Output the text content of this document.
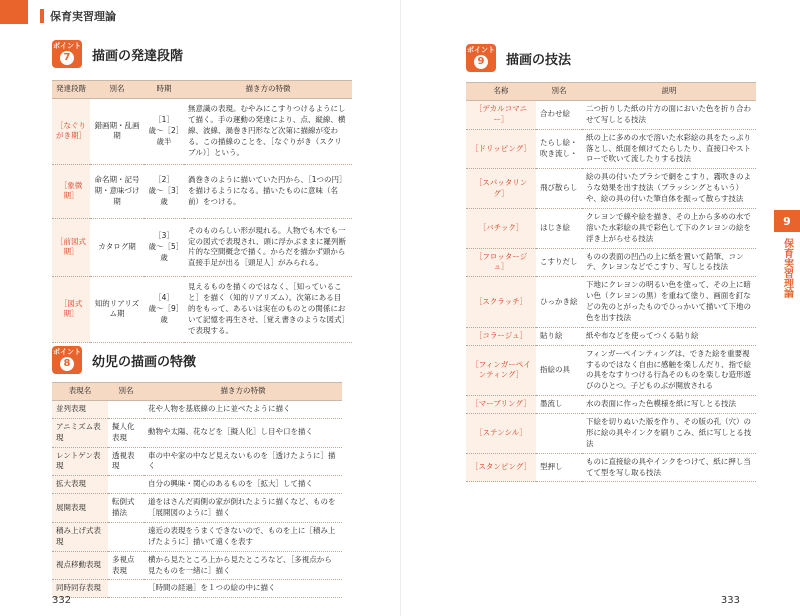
保育実習理論
ポイント
7 描画の発達段階
発達段階	別名	時期	描き方の特徴
［なぐりがき期］	錯画期・乱画期	［1］歳〜［2］歳半	無意識の表現。むやみにこすりつけるようにして描く。手の運動の発達により、点、縦線、横線、波線、渦巻き円形など次第に描線が変わる。この描線のことを、［なぐりがき（スクリブル）］という。
［象徴期］	命名期・記号期・意味づけ期	［2］歳〜［3］歳	渦巻きのように描いていた円から、［1つの円］を描けるようになる。描いたものに意味（名前）をつける。
［前図式期］	カタログ期	［3］歳〜［5］歳	そのものらしい形が現れる。人物でも木でも一定の図式で表現され、頭に浮かぶままに羅列断片的な空間概念で描く。からだを描かず頭から直接手足が出る［頭足人］がみられる。
［図式期］	知的リアリズム期	［4］歳〜［9］歳	見えるものを描くのではなく、［知っていること］を描く（知的リアリズム）。次第にある目的をもって、あるいは実在のものとの関係において記憶を再生させ、［覚え書きのような図式］で表現する。
ポイント
8 幼児の描画の特徴
表現名	別名	描き方の特徴
並列表現		花や人物を基底線の上に並べたように描く
アニミズム表現	擬人化表現	動物や太陽、花などを［擬人化］し目や口を描く
レントゲン表現	透視表現	車の中や家の中など見えないものを［透けたように］描く
拡大表現		自分の興味・関心のあるものを［拡大］して描く
展開表現	転倒式描法	道をはさんだ両側の家が倒れたように描くなど、ものを［展開図のように］描く
積み上げ式表現		遠近の表現をうまくできないので、ものを上に［積み上げたように］描いて遠くを表す
視点移動表現	多視点表現	横から見たところ上から見たところなど、［多視点から見たものを一緒に］描く
同時同存表現		［時間の経過］を１つの絵の中に描く
332
ポイント
9 描画の技法
名称	別名	説明
［デカルコマニー］	合わせ絵	二つ折りした紙の片方の面においた色を折り合わせて写しとる技法
［ドリッピング］	たらし絵・吹き流し・	紙の上に多めの水で溶いた水彩絵の具をたっぷり落とし、紙面を傾けてたらしたり、直接口やストローで吹いて流したりする技法
［スパッタリング］	飛び散らし	絵の具の付いたブラシで網をこすり、霧吹きのような効果を出す技法（ブラッシングともいう）や、絵の具の付いた筆自体を振って散らす技法
［バチック］	はじき絵	クレヨンで線や絵を描き、その上から多めの水で溶いた水彩絵の具で彩色して下のクレヨンの絵を浮き上がらせる技法
［フロッタージュ］	こすりだし	ものの表面の凹凸の上に紙を置いて鉛筆、コンテ、クレヨンなどでこすり、写しとる技法
［スクラッチ］	ひっかき絵	下地にクレヨンの明るい色を塗って、その上に暗い色（クレヨンの黒）を重ねて塗り、画面を釘などの先のとがったものでひっかいて描いて下地の色を出す技法
［コラージュ］	貼り絵	紙や布などを使ってつくる貼り絵
［フィンガーペインティング］	指絵の具	フィンガーペインティングは、できた絵を重要視するのではなく自由に感触を楽しんだり、指で絵の具をなすりつける行為そのものを楽しむ造形遊びのひとつ。子どものぶが開放される
［マーブリング］	墨流し	水の表面に作った色模様を紙に写しとる技法
［ステンシル］		下絵を切りぬいた版を作り、その版の孔（穴）の形に絵の具やインクを刷りこみ、紙に写しとる技法
［スタンピング］	型押し	ものに直接絵の具やインクをつけて、紙に押し当てて型を写し取る技法
9
保育実習理論
333
